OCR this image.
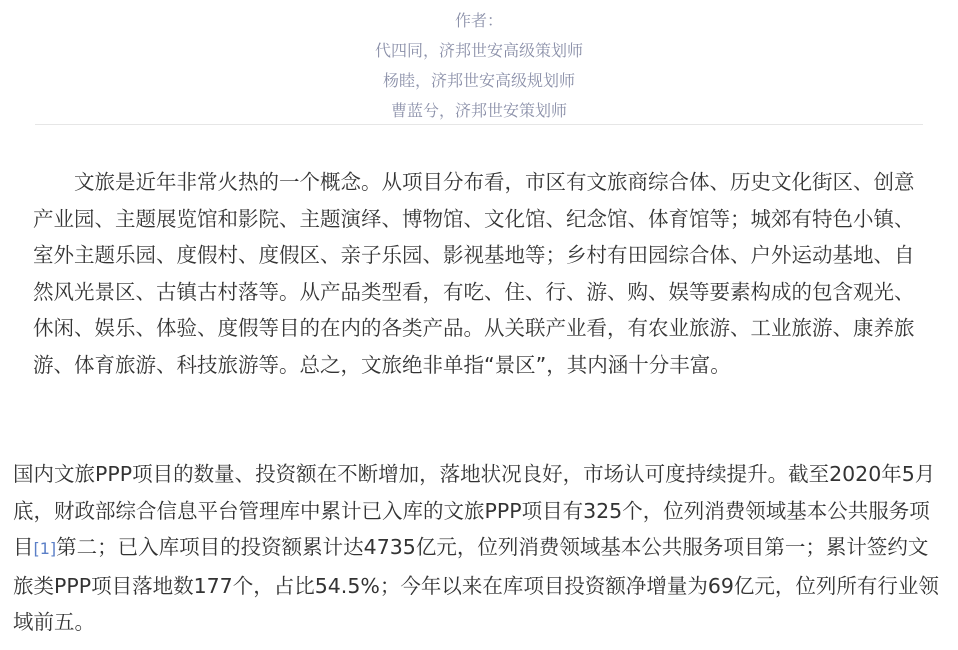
作者：
代四同，济邦世安高级策划师
杨睦，济邦世安高级规划师
曹蓝兮，济邦世安策划师

文旅是近年非常火热的一个概念。从项目分布看，市区有文旅商综合体、历史文化街区、创意产业园、主题展览馆和影院、主题演绎、博物馆、文化馆、纪念馆、体育馆等；城郊有特色小镇、室外主题乐园、度假村、度假区、亲子乐园、影视基地等；乡村有田园综合体、户外运动基地、自然风光景区、古镇古村落等。从产品类型看，有吃、住、行、游、购、娱等要素构成的包含观光、休闲、娱乐、体验、度假等目的在内的各类产品。从关联产业看，有农业旅游、工业旅游、康养旅游、体育旅游、科技旅游等。总之，文旅绝非单指“景区”，其内涵十分丰富。

国内文旅PPP项目的数量、投资额在不断增加，落地状况良好，市场认可度持续提升。截至2020年5月底，财政部综合信息平台管理库中累计已入库的文旅PPP项目有325个，位列消费领域基本公共服务项目[1]第二；已入库项目的投资额累计达4735亿元，位列消费领域基本公共服务项目第一；累计签约文旅类PPP项目落地数177个，占比54.5%；今年以来在库项目投资额净增量为69亿元，位列所有行业领域前五。
